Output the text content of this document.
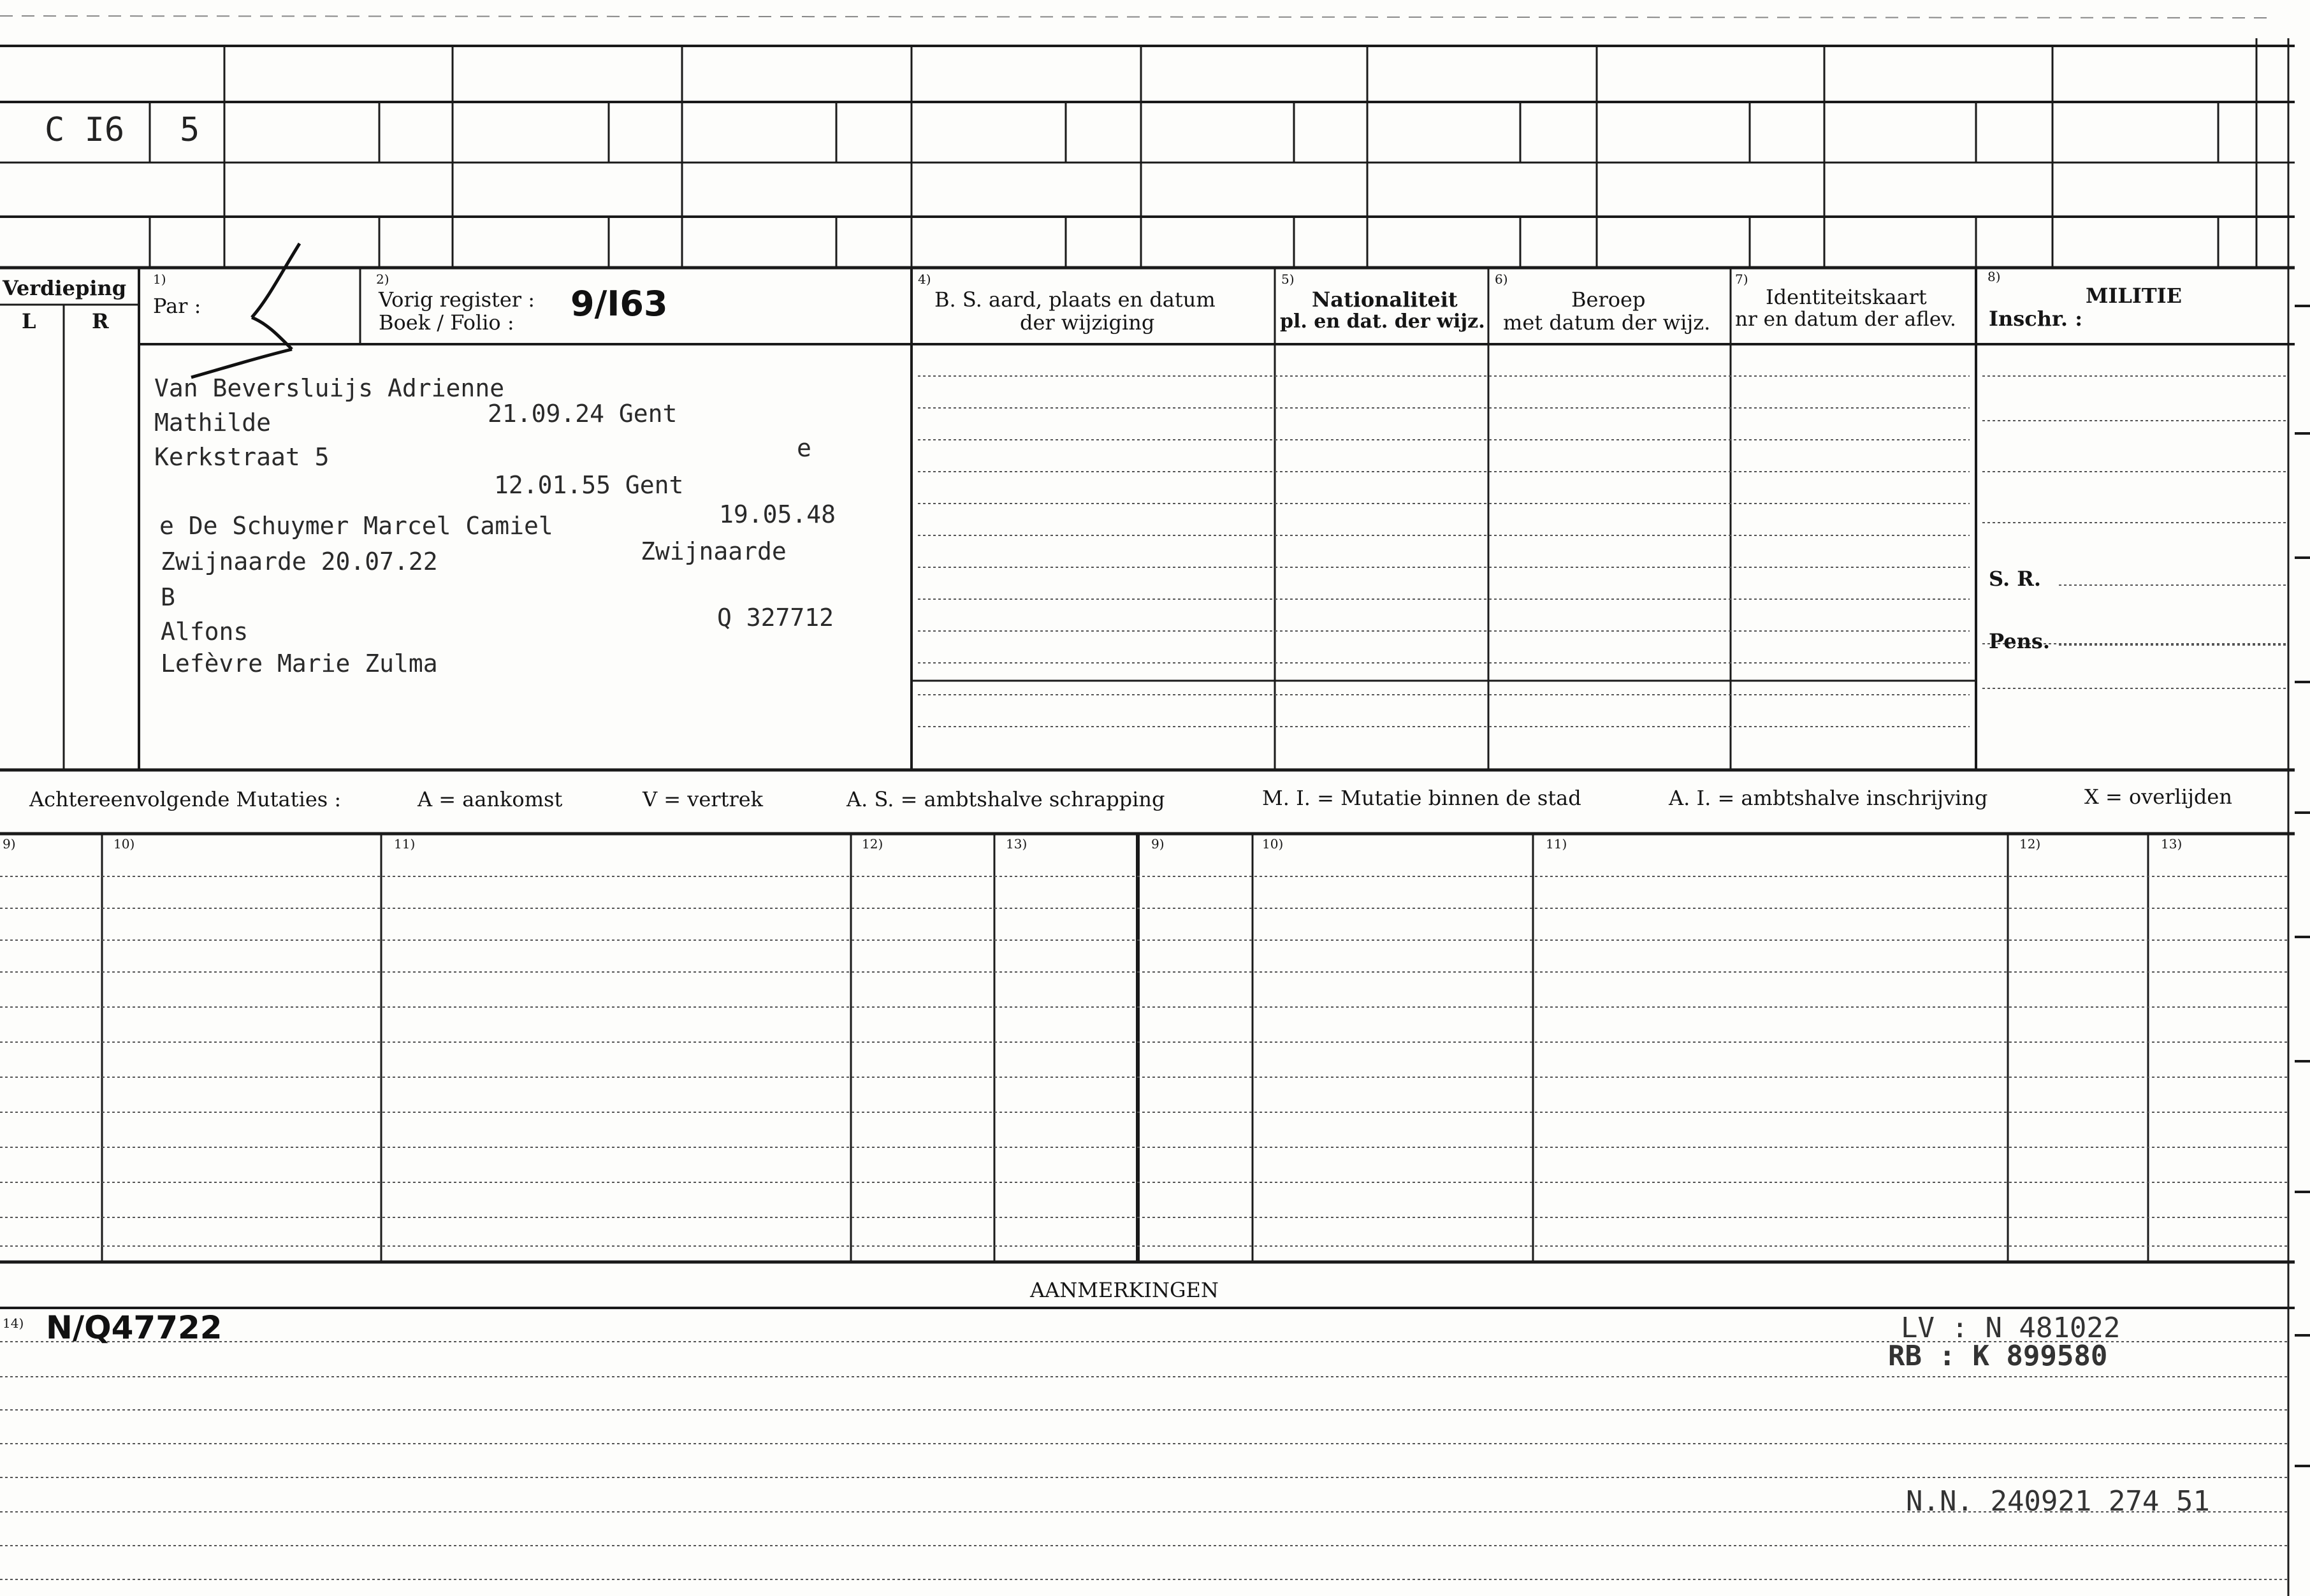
C I6 5
Verdieping
L	R
1)
Par :
2)
Vorig register :
Boek / Folio : 9/I63
4)
B. S. aard, plaats en datum
der wijziging
5)
Nationaliteit
pl. en dat. der wijz.
6)
Beroep
met datum der wijz.
7)
Identiteitskaart
nr en datum der aflev.
8)
MILITIE
Inschr. :
S. R.
Pens.
Van Beversluijs Adrienne
Mathilde	21.09.24 Gent
Kerkstraat 5	e
12.01.55 Gent
e De Schuymer Marcel Camiel	19.05.48
Zwijnaarde 20.07.22	Zwijnaarde
B
Alfons	Q 327712
Lefèvre Marie Zulma
Achtereenvolgende Mutaties :	A = aankomst	V = vertrek	A. S. = ambtshalve schrapping	M. I. = Mutatie binnen de stad	A. I. = ambtshalve inschrijving	X = overlijden
9)	10)	11)	12)	13)	9)	10)	11)	12)	13)
AANMERKINGEN
14) N/Q47722	LV : N 481022
RB : K 899580
N.N. 240921 274 51
